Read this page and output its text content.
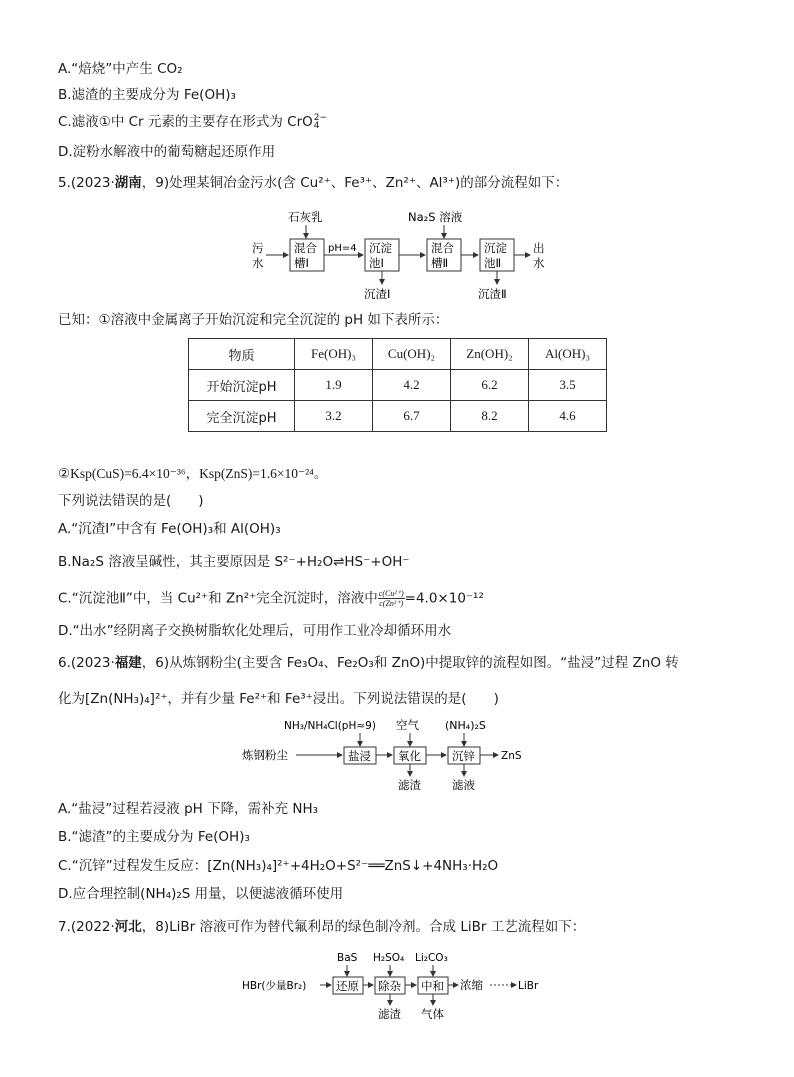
A.“焙烧”中产生 CO₂
B.滤渣的主要成分为 Fe(OH)₃
C.滤液①中 Cr 元素的主要存在形式为 CrO 2−
4
D.淀粉水解液中的葡萄糖起还原作用
5.(2023·湖南，9)处理某铜冶金污水(含 Cu²⁺、Fe³⁺、Zn²⁺、Al³⁺)的部分流程如下：
石灰乳	Na₂S 溶液
污
水
混合
槽Ⅰ
pH=4 沉淀
池Ⅰ
沉渣Ⅰ
混合
槽Ⅱ
沉淀
池Ⅱ
沉渣Ⅱ
出
水
已知：①溶液中金属离子开始沉淀和完全沉淀的 pH 如下表所示：
物质	Fe(OH)₃	Cu(OH)₂	Zn(OH)₂	Al(OH)₃
开始沉淀pH	1.9	4.2	6.2	3.5
完全沉淀pH	3.2	6.7	8.2	4.6
②Ksp(CuS)=6.4×10⁻³⁶，Ksp(ZnS)=1.6×10⁻²⁴。
下列说法错误的是(　　)
A.“沉渣Ⅰ”中含有 Fe(OH)₃和 Al(OH)₃
B.Na₂S 溶液呈碱性，其主要原因是 S²⁻+H₂O⇌HS⁻+OH⁻
C.“沉淀池Ⅱ”中，当 Cu²⁺和 Zn²⁺完全沉淀时，溶液中 $\frac{\text{c(Cu²⁺)}}{\text{c(Zn²⁺)}} =4.0\times 10^{-12}$
D.“出水”经阴离子交换树脂软化处理后，可用作工业冷却循环用水
6.(2023·福建，6)从炼钢粉尘(主要含 Fe₃O₄、Fe₂O₃和 ZnO)中提取锌的流程如图。“盐浸”过程 ZnO 转
化为[Zn(NH₃)₄]²⁺，并有少量 Fe²⁺和 Fe³⁺浸出。下列说法错误的是(　　)
NH₃/NH₄Cl(pH≈9) 空气 (NH₄)₂S
炼钢粉尘	盐浸 氧化
滤渣
沉锌
滤液
ZnS
A.“盐浸”过程若浸液 pH 下降，需补充 NH₃
B.“滤渣”的主要成分为 Fe(OH)₃
C.“沉锌”过程发生反应：[Zn(NH₃)₄]²⁺+4H₂O+S²⁻══ZnS↓+4NH₃·H₂O
D.应合理控制(NH₄)₂S 用量，以便滤液循环使用
7.(2022·河北，8)LiBr 溶液可作为替代氟利昂的绿色制冷剂。合成 LiBr 工艺流程如下：
BaS H₂SO₄ Li₂CO₃
HBr(少量Br₂)	还原 除杂
滤渣
中和
气体
浓缩	LiBr
